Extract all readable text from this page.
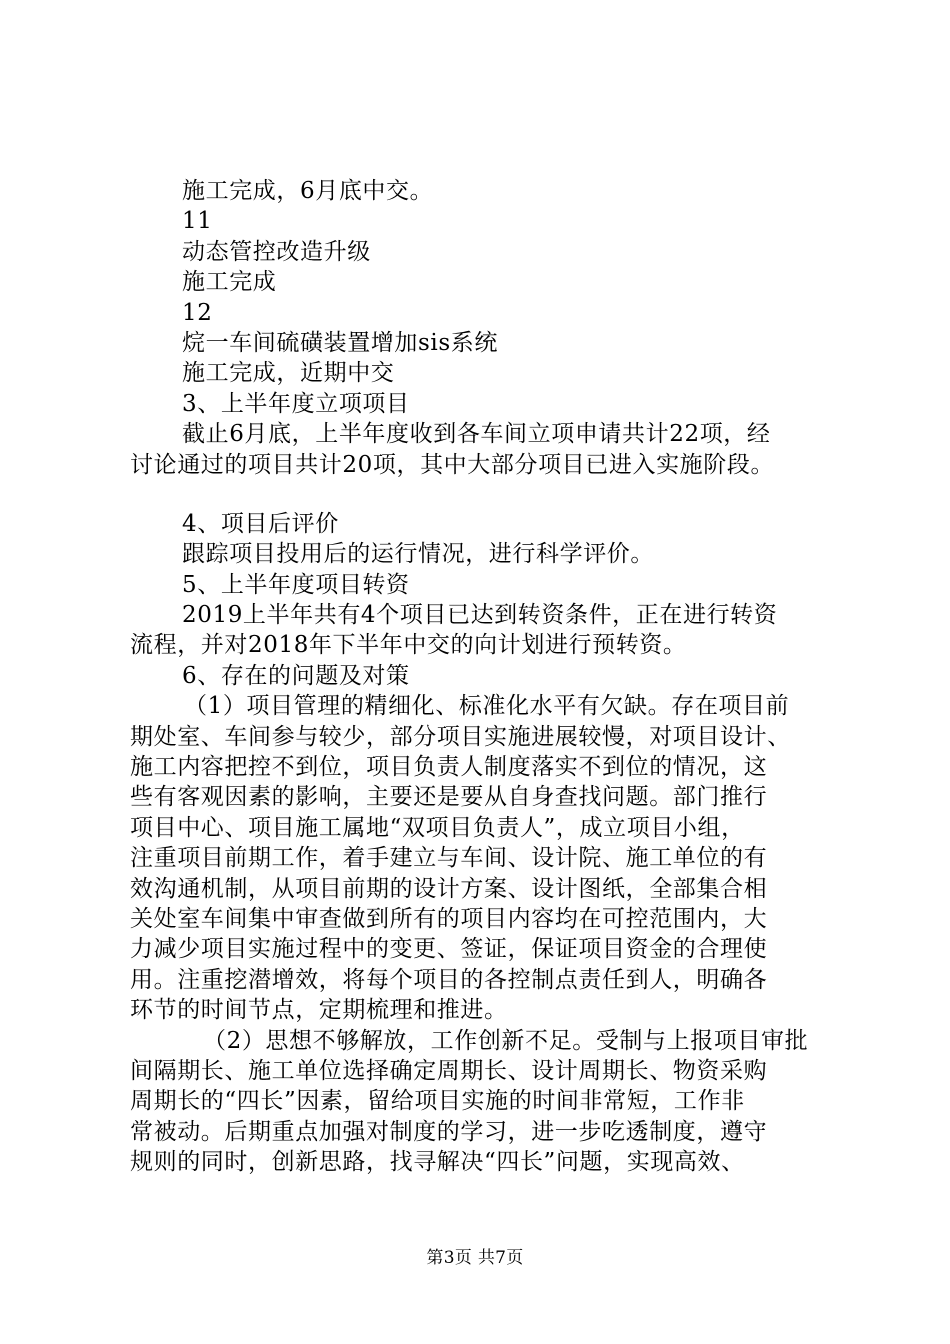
施工完成，6月底中交。
11
动态管控改造升级
施工完成
12
烷一车间硫磺装置增加sis系统
施工完成，近期中交
3、上半年度立项项目
截止6月底，上半年度收到各车间立项申请共计22项，经
讨论通过的项目共计20项，其中大部分项目已进入实施阶段。
4、项目后评价
跟踪项目投用后的运行情况，进行科学评价。
5、上半年度项目转资
2019上半年共有4个项目已达到转资条件，正在进行转资
流程，并对2018年下半年中交的向计划进行预转资。
6、存在的问题及对策
（1）项目管理的精细化、标准化水平有欠缺。存在项目前
期处室、车间参与较少，部分项目实施进展较慢，对项目设计、
施工内容把控不到位，项目负责人制度落实不到位的情况，这
些有客观因素的影响，主要还是要从自身查找问题。部门推行
项目中心、项目施工属地“双项目负责人”，成立项目小组，
注重项目前期工作，着手建立与车间、设计院、施工单位的有
效沟通机制，从项目前期的设计方案、设计图纸，全部集合相
关处室车间集中审查做到所有的项目内容均在可控范围内，大
力减少项目实施过程中的变更、签证，保证项目资金的合理使
用。注重挖潜增效，将每个项目的各控制点责任到人，明确各
环节的时间节点，定期梳理和推进。
（2）思想不够解放，工作创新不足。受制与上报项目审批
间隔期长、施工单位选择确定周期长、设计周期长、物资采购
周期长的“四长”因素，留给项目实施的时间非常短，工作非
常被动。后期重点加强对制度的学习，进一步吃透制度，遵守
规则的同时，创新思路，找寻解决“四长”问题，实现高效、
第3页 共7页
